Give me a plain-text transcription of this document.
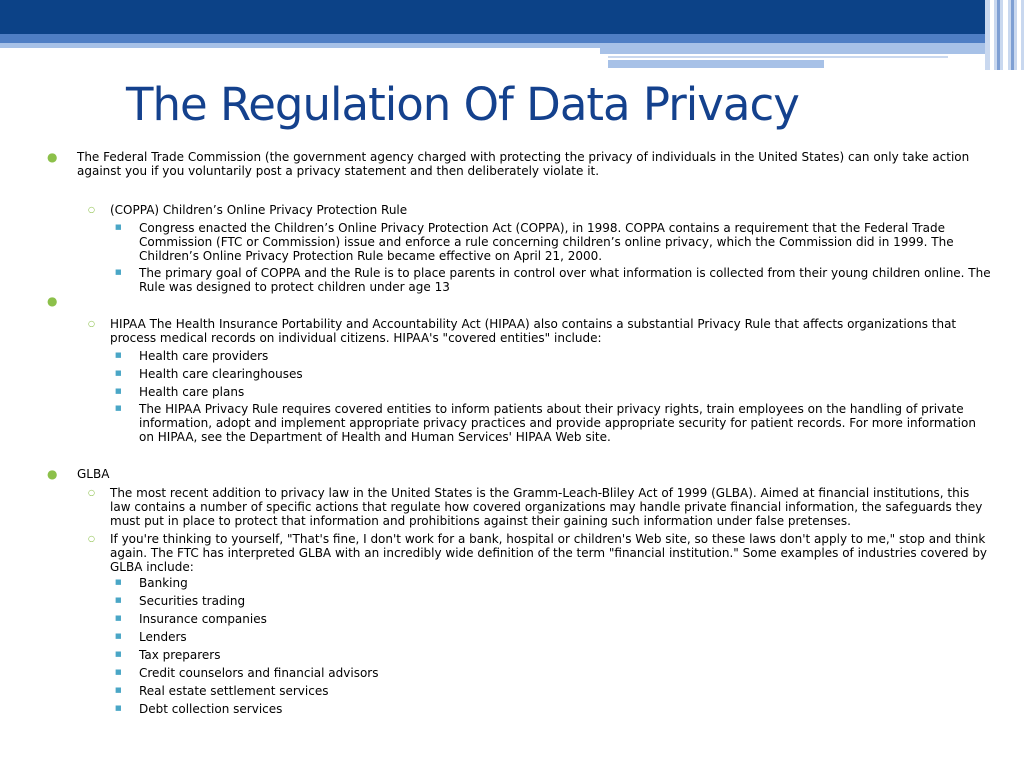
The Regulation Of Data Privacy
● The Federal Trade Commission (the government agency charged with protecting the privacy of individuals in the United States) can only take action against you if you voluntarily post a privacy statement and then deliberately violate it.
○ (COPPA) Children’s Online Privacy Protection Rule
■ Congress enacted the Children’s Online Privacy Protection Act (COPPA), in 1998. COPPA contains a requirement that the Federal Trade Commission (FTC or Commission) issue and enforce a rule concerning children’s online privacy, which the Commission did in 1999. The Children’s Online Privacy Protection Rule became effective on April 21, 2000.
■ The primary goal of COPPA and the Rule is to place parents in control over what information is collected from their young children online. The Rule was designed to protect children under age 13
●
○ HIPAA The Health Insurance Portability and Accountability Act (HIPAA) also contains a substantial Privacy Rule that affects organizations that process medical records on individual citizens. HIPAA's "covered entities" include:
■ Health care providers
■ Health care clearinghouses
■ Health care plans
■ The HIPAA Privacy Rule requires covered entities to inform patients about their privacy rights, train employees on the handling of private information, adopt and implement appropriate privacy practices and provide appropriate security for patient records. For more information on HIPAA, see the Department of Health and Human Services' HIPAA Web site.
● GLBA
○ The most recent addition to privacy law in the United States is the Gramm-Leach-Bliley Act of 1999 (GLBA). Aimed at financial institutions, this law contains a number of specific actions that regulate how covered organizations may handle private financial information, the safeguards they must put in place to protect that information and prohibitions against their gaining such information under false pretenses.
○ If you're thinking to yourself, "That's fine, I don't work for a bank, hospital or children's Web site, so these laws don't apply to me," stop and think again. The FTC has interpreted GLBA with an incredibly wide definition of the term "financial institution." Some examples of industries covered by GLBA include:
■ Banking
■ Securities trading
■ Insurance companies
■ Lenders
■ Tax preparers
■ Credit counselors and financial advisors
■ Real estate settlement services
■ Debt collection services
